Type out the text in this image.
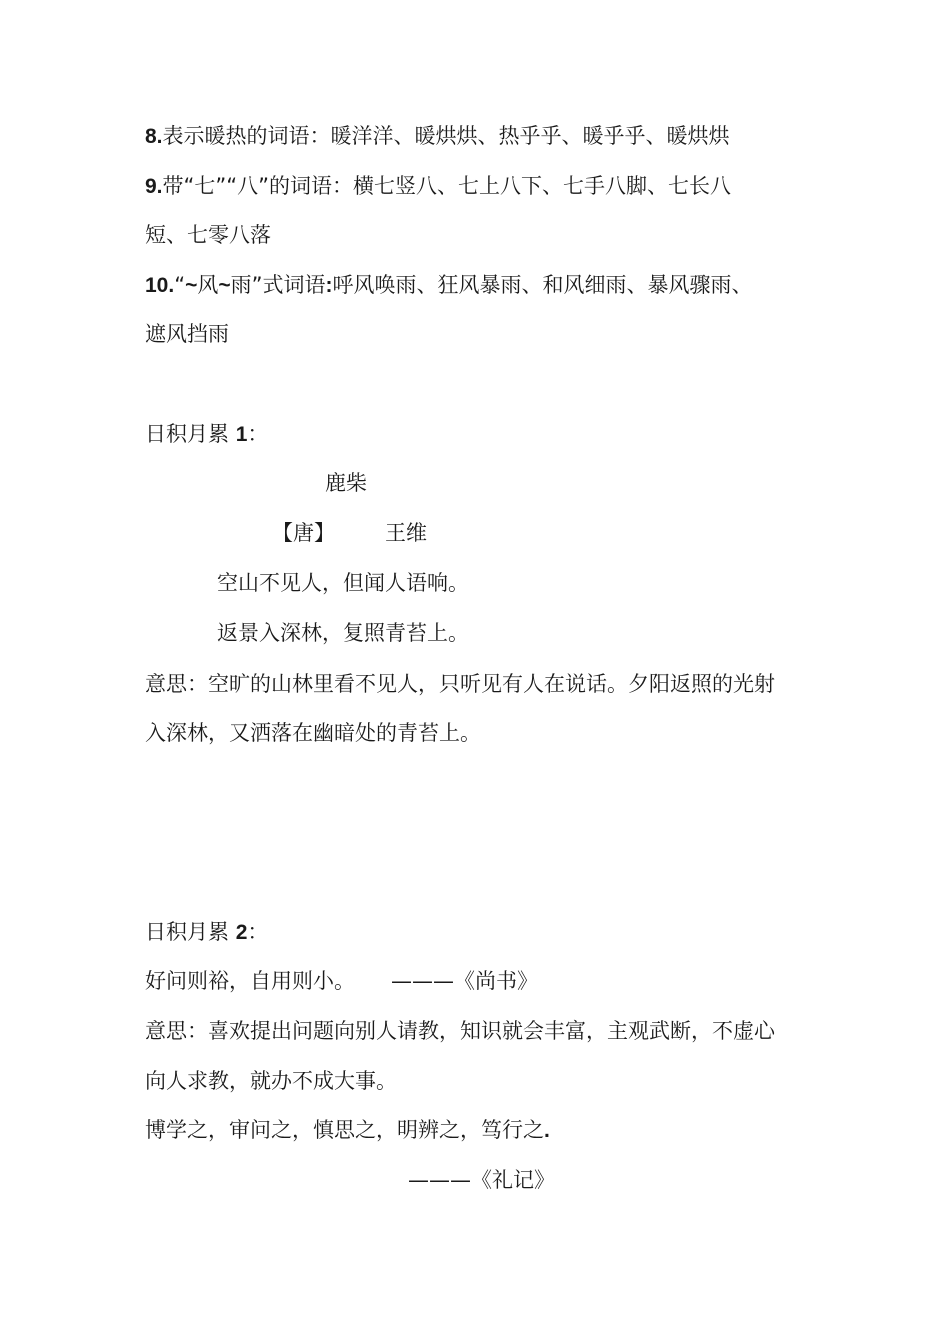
8.表示暖热的词语：暖洋洋、暖烘烘、热乎乎、暖乎乎、暖烘烘
9.带“七”“八”的词语：横七竖八、七上八下、七手八脚、七长八
短、七零八落
10.“~风~雨”式词语:呼风唤雨、狂风暴雨、和风细雨、暴风骤雨、
遮风挡雨
日积月累 1：
鹿柴
【唐】 王维
空山不见人，但闻人语响。
返景入深林，复照青苔上。
意思：空旷的山林里看不见人，只听见有人在说话。夕阳返照的光射
入深林，又洒落在幽暗处的青苔上。
日积月累 2：
好问则裕，自用则小。 ———《尚书》
意思：喜欢提出问题向别人请教，知识就会丰富，主观武断，不虚心
向人求教，就办不成大事。
博学之，审问之，慎思之，明辨之，笃行之.
———《礼记》
